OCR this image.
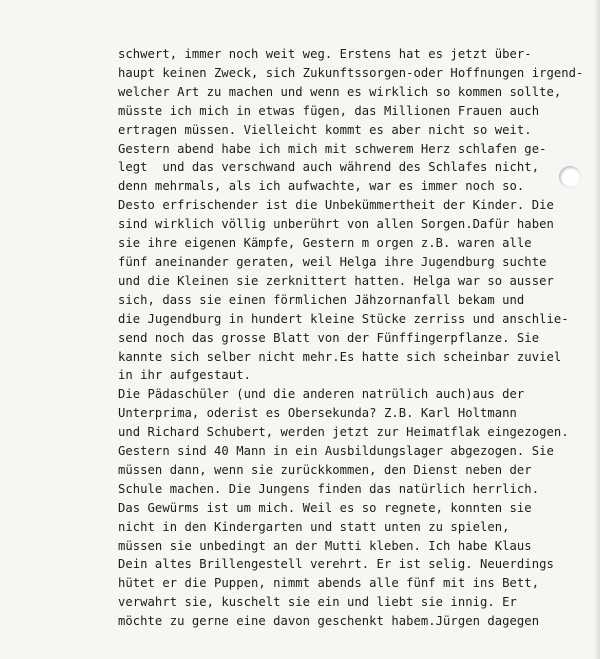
schwert, immer noch weit weg. Erstens hat es jetzt über-
haupt keinen Zweck, sich Zukunftssorgen-oder Hoffnungen irgend-
welcher Art zu machen und wenn es wirklich so kommen sollte,
müsste ich mich in etwas fügen, das Millionen Frauen auch
ertragen müssen. Vielleicht kommt es aber nicht so weit.
Gestern abend habe ich mich mit schwerem Herz schlafen ge-
legt  und das verschwand auch während des Schlafes nicht,
denn mehrmals, als ich aufwachte, war es immer noch so.
Desto erfrischender ist die Unbekümmertheit der Kinder. Die
sind wirklich völlig unberührt von allen Sorgen.Dafür haben
sie ihre eigenen Kämpfe, Gestern m orgen z.B. waren alle
fünf aneinander geraten, weil Helga ihre Jugendburg suchte
und die Kleinen sie zerknittert hatten. Helga war so ausser
sich, dass sie einen förmlichen Jähzornanfall bekam und
die Jugendburg in hundert kleine Stücke zerriss und anschlie-
send noch das grosse Blatt von der Fünffingerpflanze. Sie
kannte sich selber nicht mehr.Es hatte sich scheinbar zuviel
in ihr aufgestaut.
Die Pädaschüler (und die anderen natrülich auch)aus der
Unterprima, oderist es Obersekunda? Z.B. Karl Holtmann
und Richard Schubert, werden jetzt zur Heimatflak eingezogen.
Gestern sind 40 Mann in ein Ausbildungslager abgezogen. Sie
müssen dann, wenn sie zurückkommen, den Dienst neben der
Schule machen. Die Jungens finden das natürlich herrlich.
Das Gewürms ist um mich. Weil es so regnete, konnten sie
nicht in den Kindergarten und statt unten zu spielen,
müssen sie unbedingt an der Mutti kleben. Ich habe Klaus
Dein altes Brillengestell verehrt. Er ist selig. Neuerdings
hütet er die Puppen, nimmt abends alle fünf mit ins Bett,
verwahrt sie, kuschelt sie ein und liebt sie innig. Er
möchte zu gerne eine davon geschenkt habem.Jürgen dagegen
